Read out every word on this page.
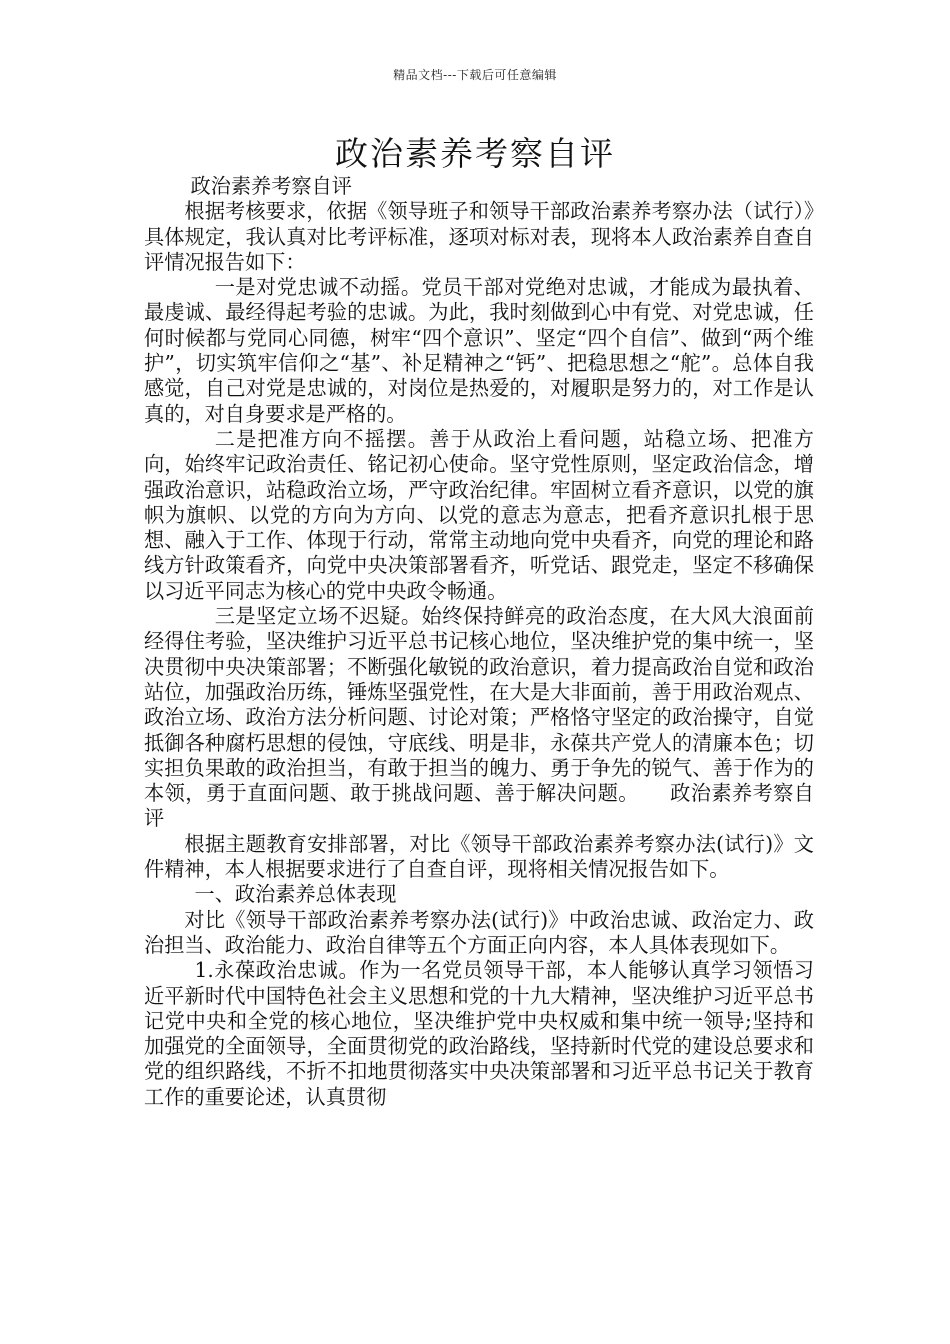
精品文档---下载后可任意编辑
政治素养考察自评

政治素养考察自评

根据考核要求，依据《领导班子和领导干部政治素养考察办法（试行）》具体规定，我认真对比考评标准，逐项对标对表，现将本人政治素养自查自评情况报告如下：

一是对党忠诚不动摇。党员干部对党绝对忠诚，才能成为最执着、最虔诚、最经得起考验的忠诚。为此，我时刻做到心中有党、对党忠诚，任何时候都与党同心同德，树牢“四个意识”、坚定“四个自信”、做到“两个维护”，切实筑牢信仰之“基”、补足精神之“钙”、把稳思想之“舵”。总体自我感觉，自己对党是忠诚的，对岗位是热爱的，对履职是努力的，对工作是认真的，对自身要求是严格的。

二是把准方向不摇摆。善于从政治上看问题，站稳立场、把准方向，始终牢记政治责任、铭记初心使命。坚守党性原则，坚定政治信念，增强政治意识，站稳政治立场，严守政治纪律。牢固树立看齐意识，以党的旗帜为旗帜、以党的方向为方向、以党的意志为意志，把看齐意识扎根于思想、融入于工作、体现于行动，常常主动地向党中央看齐，向党的理论和路线方针政策看齐，向党中央决策部署看齐，听党话、跟党走，坚定不移确保以习近平同志为核心的党中央政令畅通。

三是坚定立场不迟疑。始终保持鲜亮的政治态度，在大风大浪面前经得住考验，坚决维护习近平总书记核心地位，坚决维护党的集中统一，坚决贯彻中央决策部署；不断强化敏锐的政治意识，着力提高政治自觉和政治站位，加强政治历练，锤炼坚强党性，在大是大非面前，善于用政治观点、政治立场、政治方法分析问题、讨论对策；严格恪守坚定的政治操守，自觉抵御各种腐朽思想的侵蚀，守底线、明是非，永葆共产党人的清廉本色；切实担负果敢的政治担当，有敢于担当的魄力、勇于争先的锐气、善于作为的本领，勇于直面问题、敢于挑战问题、善于解决问题。　　政治素养考察自评

根据主题教育安排部署，对比《领导干部政治素养考察办法(试行)》文件精神，本人根据要求进行了自查自评，现将相关情况报告如下。

一、政治素养总体表现

对比《领导干部政治素养考察办法(试行)》中政治忠诚、政治定力、政治担当、政治能力、政治自律等五个方面正向内容，本人具体表现如下。

1.永葆政治忠诚。作为一名党员领导干部，本人能够认真学习领悟习近平新时代中国特色社会主义思想和党的十九大精神，坚决维护习近平总书记党中央和全党的核心地位，坚决维护党中央权威和集中统一领导;坚持和加强党的全面领导，全面贯彻党的政治路线，坚持新时代党的建设总要求和党的组织路线，不折不扣地贯彻落实中央决策部署和习近平总书记关于教育工作的重要论述，认真贯彻
